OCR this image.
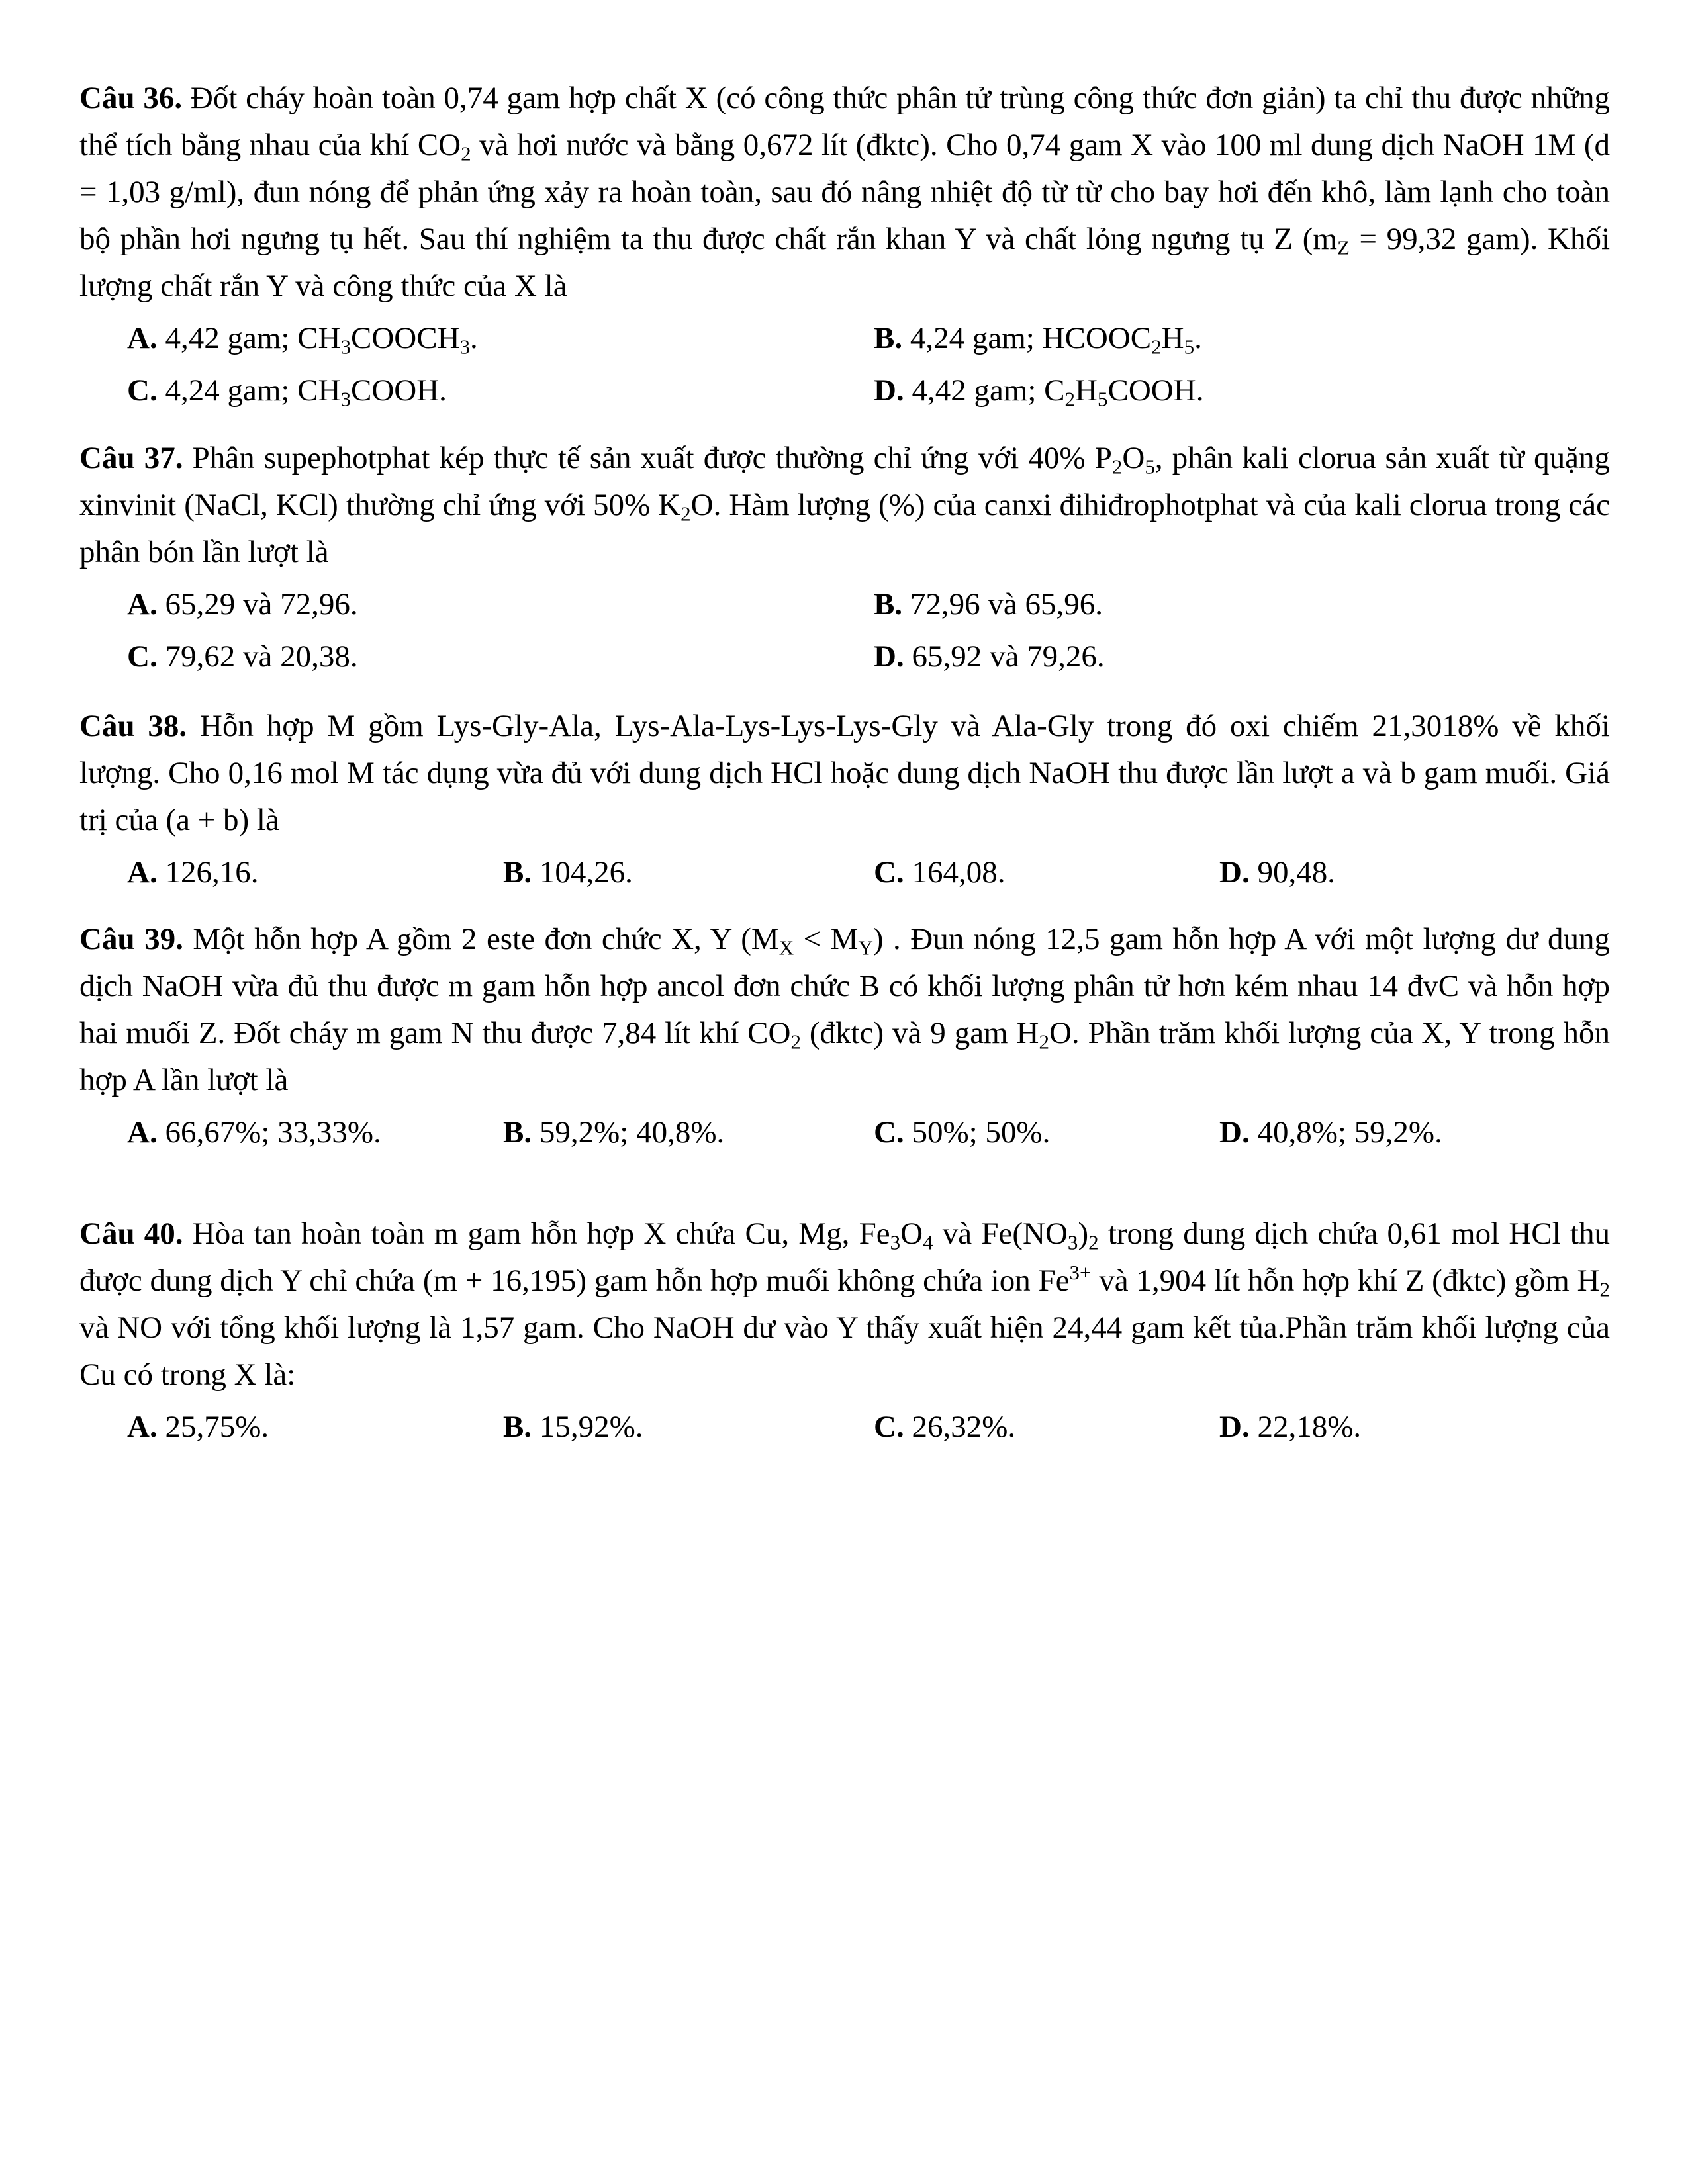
Câu 36. Đốt cháy hoàn toàn 0,74 gam hợp chất X (có công thức phân tử trùng công thức đơn giản) ta chỉ thu được những thể tích bằng nhau của khí $CO_2$ và hơi nước và bằng 0,672 lít (đktc). Cho 0,74 gam X vào 100 ml dung dịch NaOH 1M (d = 1,03 g/ml), đun nóng để phản ứng xảy ra hoàn toàn, sau đó nâng nhiệt độ từ từ cho bay hơi đến khô, làm lạnh cho toàn bộ phần hơi ngưng tụ hết. Sau thí nghiệm ta thu được chất rắn khan Y và chất lỏng ngưng tụ Z ($m_Z = 99,32$ gam). Khối lượng chất rắn Y và công thức của X là

A. 4,42 gam; $CH_3COOCH_3$.	B. 4,24 gam; $HCOOC_2H_5$.
C. 4,24 gam; $CH_3COOH$.	D. 4,42 gam; $C_2H_5COOH$.

Câu 37. Phân supephotphat kép thực tế sản xuất được thường chỉ ứng với 40% $P_2O_5$, phân kali clorua sản xuất từ quặng xinvinit (NaCl, KCl) thường chỉ ứng với 50% $K_2O$. Hàm lượng (%) của canxi đihiđrophotphat và của kali clorua trong các phân bón lần lượt là

A. 65,29 và 72,96.	B. 72,96 và 65,96.
C. 79,62 và 20,38.	D. 65,92 và 79,26.

Câu 38. Hỗn hợp M gồm Lys-Gly-Ala, Lys-Ala-Lys-Lys-Lys-Gly và Ala-Gly trong đó oxi chiếm 21,3018% về khối lượng. Cho 0,16 mol M tác dụng vừa đủ với dung dịch HCl hoặc dung dịch NaOH thu được lần lượt a và b gam muối. Giá trị của (a + b) là

A. 126,16.	B. 104,26.	C. 164,08.	D. 90,48.

Câu 39. Một hỗn hợp A gồm 2 este đơn chức X, Y $(M_X < M_Y)$ . Đun nóng 12,5 gam hỗn hợp A với một lượng dư dung dịch NaOH vừa đủ thu được m gam hỗn hợp ancol đơn chức B có khối lượng phân tử hơn kém nhau 14 đvC và hỗn hợp hai muối Z. Đốt cháy m gam N thu được 7,84 lít khí $CO_2$ (đktc) và 9 gam $H_2O$. Phần trăm khối lượng của X, Y trong hỗn hợp A lần lượt là

A. 66,67%; 33,33%.	B. 59,2%; 40,8%.	C. 50%; 50%.	D. 40,8%; 59,2%.

Câu 40. Hòa tan hoàn toàn m gam hỗn hợp X chứa Cu, Mg, $Fe_3O_4$ và $Fe(NO_3)_2$ trong dung dịch chứa 0,61 mol HCl thu được dung dịch Y chỉ chứa (m + 16,195) gam hỗn hợp muối không chứa ion $Fe^{3+}$ và 1,904 lít hỗn hợp khí Z (đktc) gồm $H_2$ và NO với tổng khối lượng là 1,57 gam. Cho NaOH dư vào Y thấy xuất hiện 24,44 gam kết tủa.Phần trăm khối lượng của Cu có trong X là:

A. 25,75%.	B. 15,92%.	C. 26,32%.	D. 22,18%.
